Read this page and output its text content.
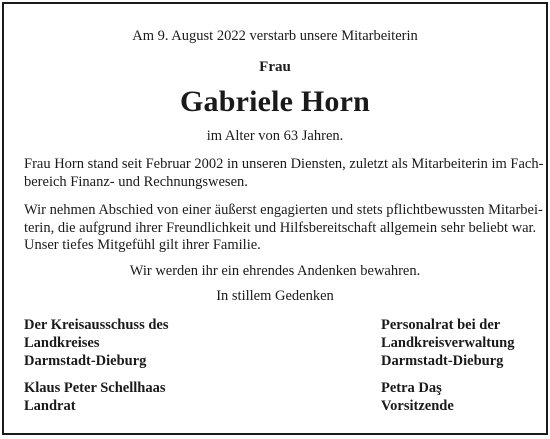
Am 9. August 2022 verstarb unsere Mitarbeiterin
Frau
Gabriele Horn
im Alter von 63 Jahren.

Frau Horn stand seit Februar 2002 in unseren Diensten, zuletzt als Mitarbeiterin im Fach-
bereich Finanz- und Rechnungswesen.

Wir nehmen Abschied von einer äußerst engagierten und stets pflichtbewussten Mitarbei-
terin, die aufgrund ihrer Freundlichkeit und Hilfsbereitschaft allgemein sehr beliebt war.
Unser tiefes Mitgefühl gilt ihrer Familie.

Wir werden ihr ein ehrendes Andenken bewahren.
In stillem Gedenken
Der Kreisausschuss des
Landkreises
Darmstadt-Dieburg
Personalrat bei der
Landkreisverwaltung
Darmstadt-Dieburg
Klaus Peter Schellhaas
Landrat
Petra Daş
Vorsitzende
